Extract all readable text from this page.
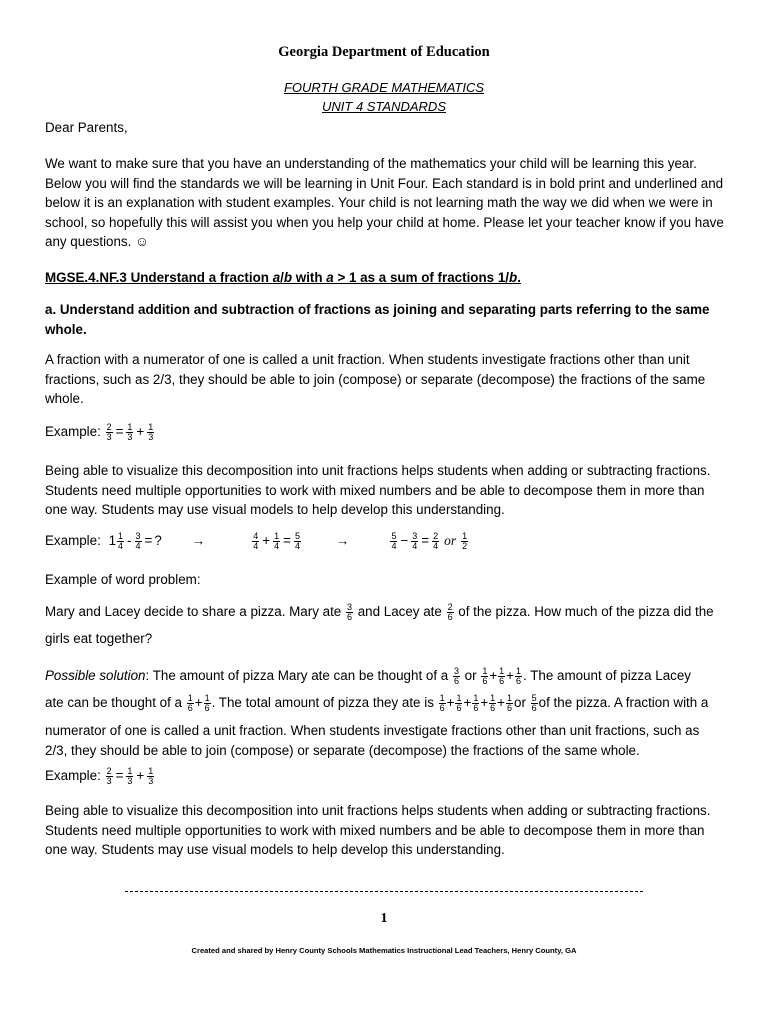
Georgia Department of Education
FOURTH GRADE MATHEMATICS
UNIT 4 STANDARDS
Dear Parents,
We want to make sure that you have an understanding of the mathematics your child will be learning this year. Below you will find the standards we will be learning in Unit Four. Each standard is in bold print and underlined and below it is an explanation with student examples. Your child is not learning math the way we did when we were in school, so hopefully this will assist you when you help your child at home. Please let your teacher know if you have any questions. ☺
MGSE.4.NF.3 Understand a fraction a/b with a > 1 as a sum of fractions 1/b.
a. Understand addition and subtraction of fractions as joining and separating parts referring to the same whole.
A fraction with a numerator of one is called a unit fraction. When students investigate fractions other than unit fractions, such as 2/3, they should be able to join (compose) or separate (decompose) the fractions of the same whole.
Example: $\frac{2}{3} = \frac{1}{3} + \frac{1}{3}$
Being able to visualize this decomposition into unit fractions helps students when adding or subtracting fractions. Students need multiple opportunities to work with mixed numbers and be able to decompose them in more than one way. Students may use visual models to help develop this understanding.
Example: $1 \frac{1}{4} - \frac{3}{4}$ = ? →	$\frac{4}{4} + \frac{1}{4} = \frac{5}{4}$	→	$\frac{5}{4} - \frac{3}{4} = \frac{2}{4}$ or $\frac{1}{2}$
Example of word problem:
Mary and Lacey decide to share a pizza. Mary ate $\frac{3}{6}$ and Lacey ate $\frac{2}{6}$ of the pizza. How much of the pizza did the
girls eat together?
Possible solution: The amount of pizza Mary ate can be thought of a $\frac{3}{6}$ or $\frac{1}{6} + \frac{1}{6} + \frac{1}{6}$ . The amount of pizza Lacey
ate can be thought of a $\frac{1}{6} + \frac{1}{6}$ . The total amount of pizza they ate is $\frac{1}{6} + \frac{1}{6} + \frac{1}{6} + \frac{1}{6} + \frac{1}{6}$ or $\frac{5}{6}$ of the pizza. A fraction with a
numerator of one is called a unit fraction. When students investigate fractions other than unit fractions, such as 2/3, they should be able to join (compose) or separate (decompose) the fractions of the same whole.
Example: $\frac{2}{3} = \frac{1}{3} + \frac{1}{3}$
Being able to visualize this decomposition into unit fractions helps students when adding or subtracting fractions. Students need multiple opportunities to work with mixed numbers and be able to decompose them in more than one way. Students may use visual models to help develop this understanding.
1
Created and shared by Henry County Schools Mathematics Instructional Lead Teachers, Henry County, GA
